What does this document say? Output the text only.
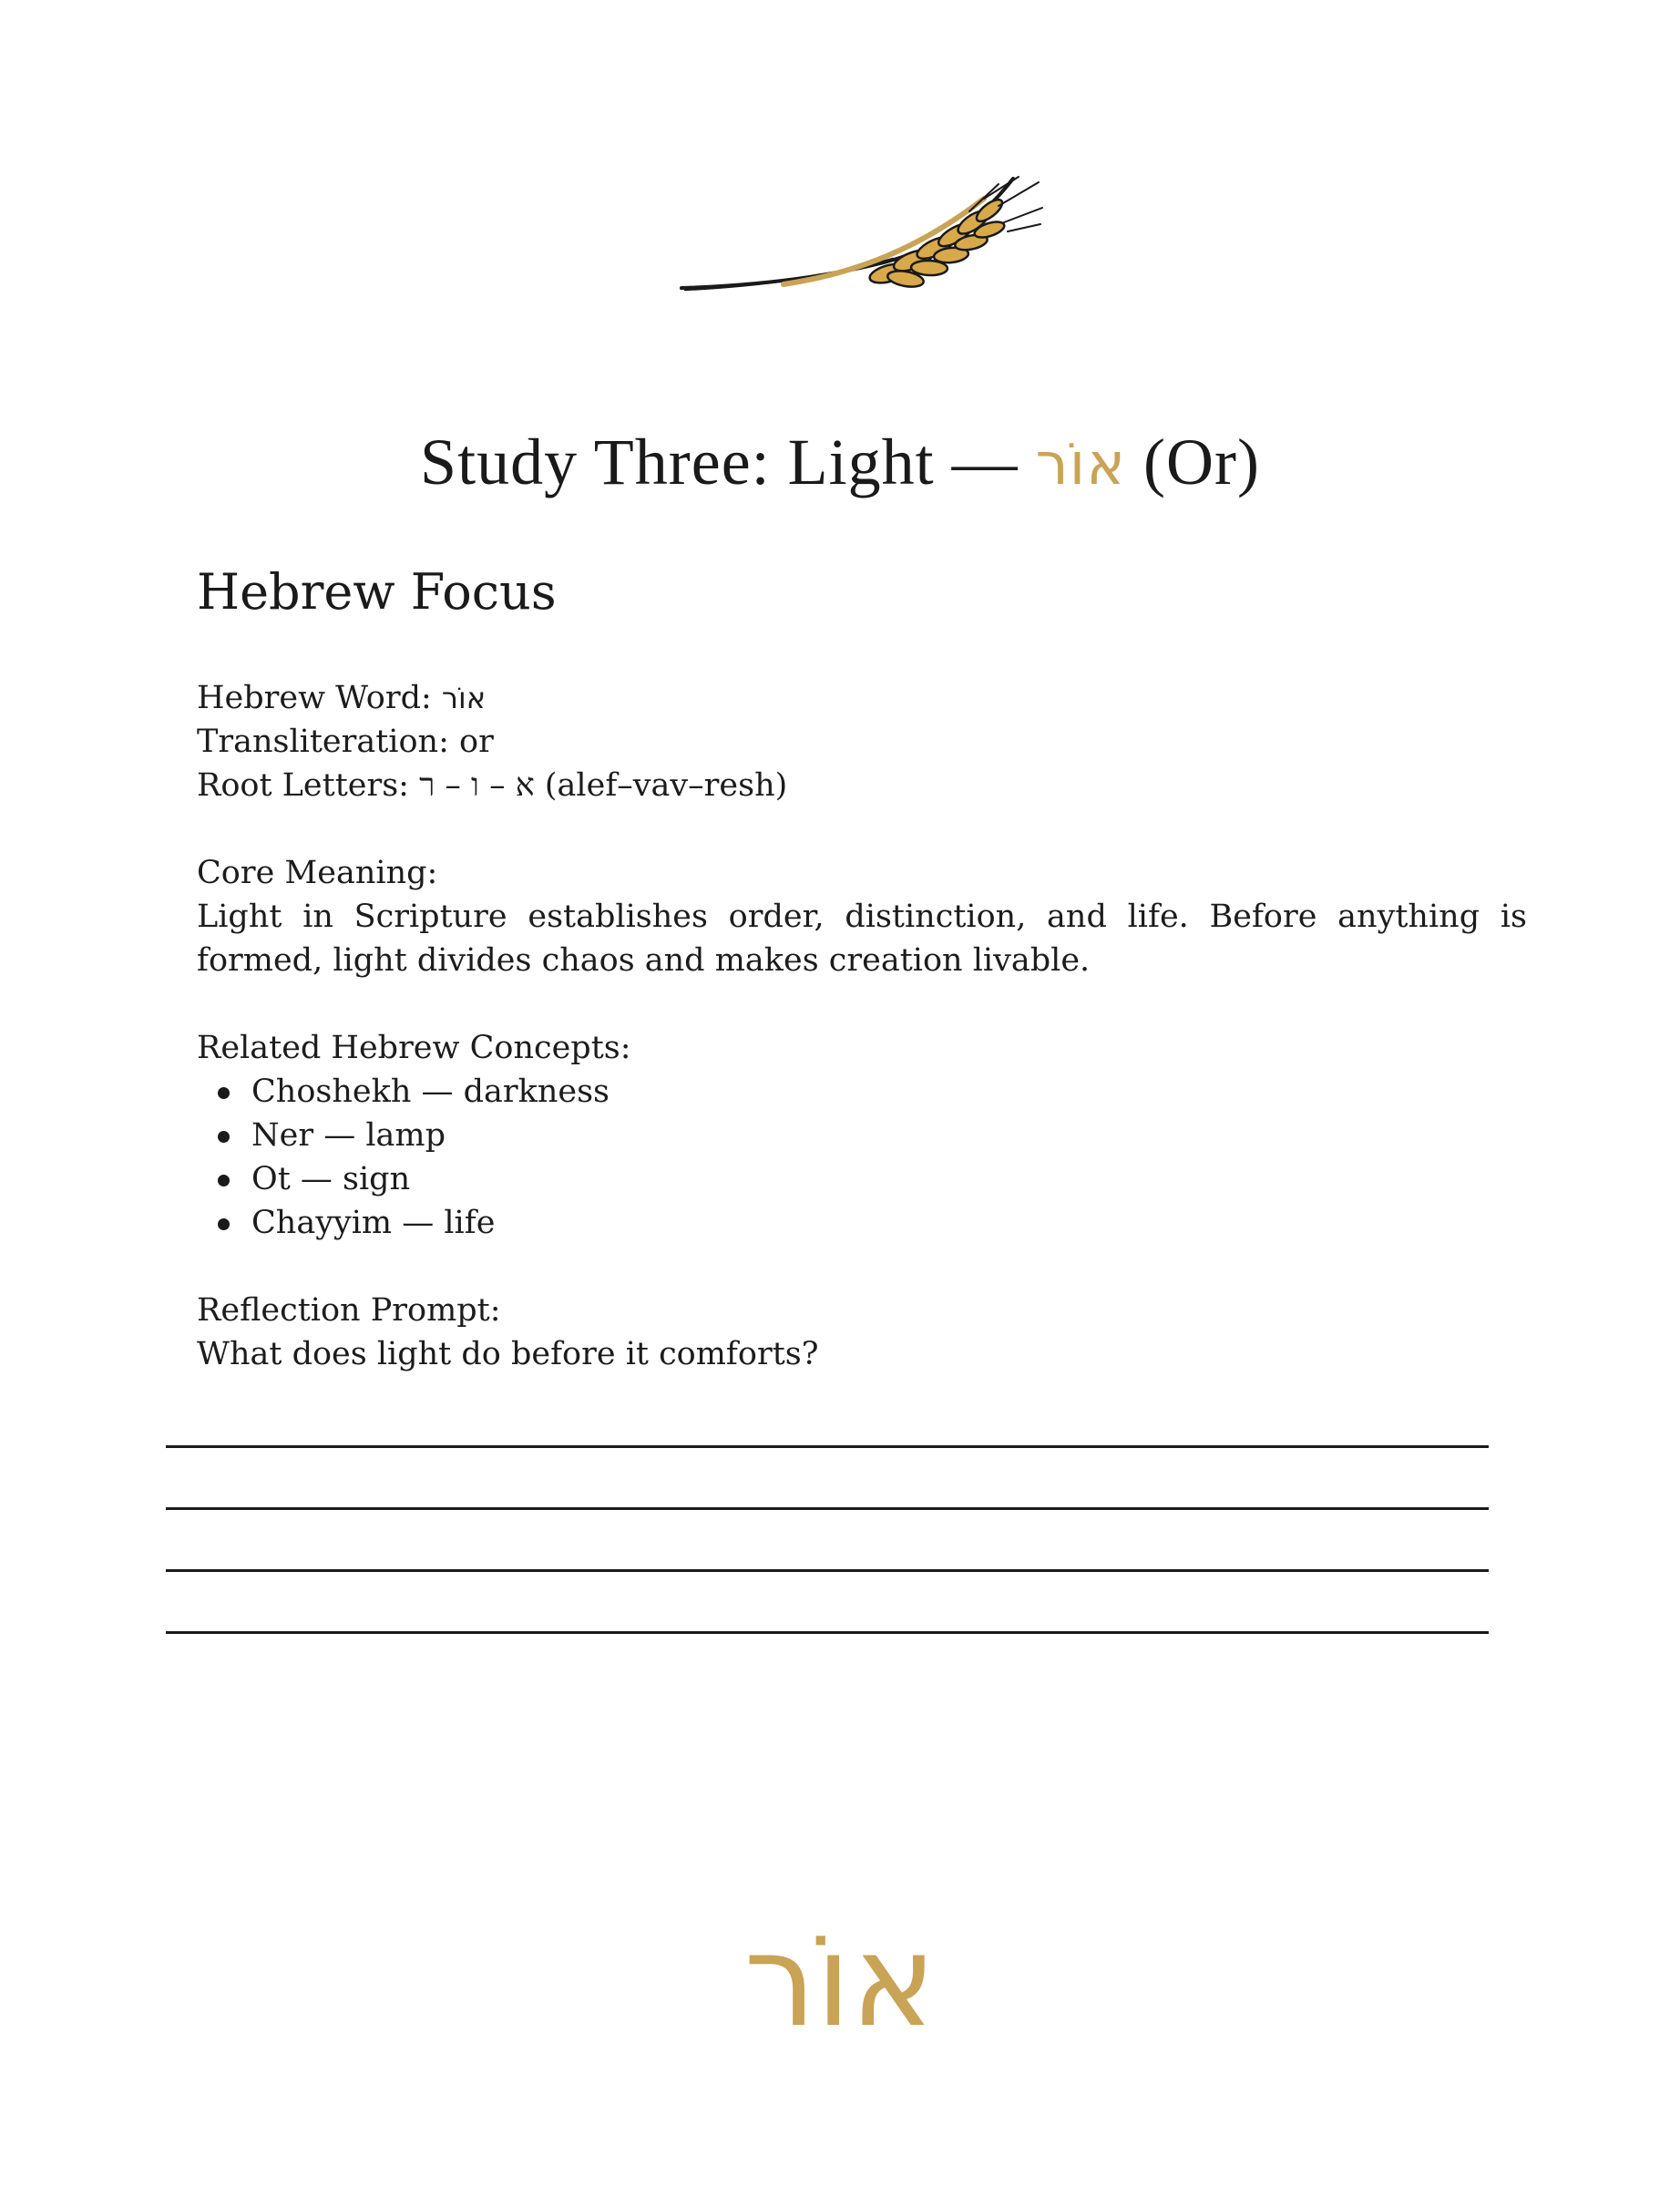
Study Three: Light — אוֹר (Or)
Hebrew Focus

Hebrew Word: אוֹר

Transliteration: or

Root Letters: א – ו – ר (alef–vav–resh)

Core Meaning:

Light in Scripture establishes order, distinction, and life. Before anything is formed, light divides chaos and makes creation livable.

Related Hebrew Concepts:

Choshekh — darkness
Ner — lamp
Ot — sign
Chayyim — life

Reflection Prompt:

What does light do before it comforts?

אוֹר
